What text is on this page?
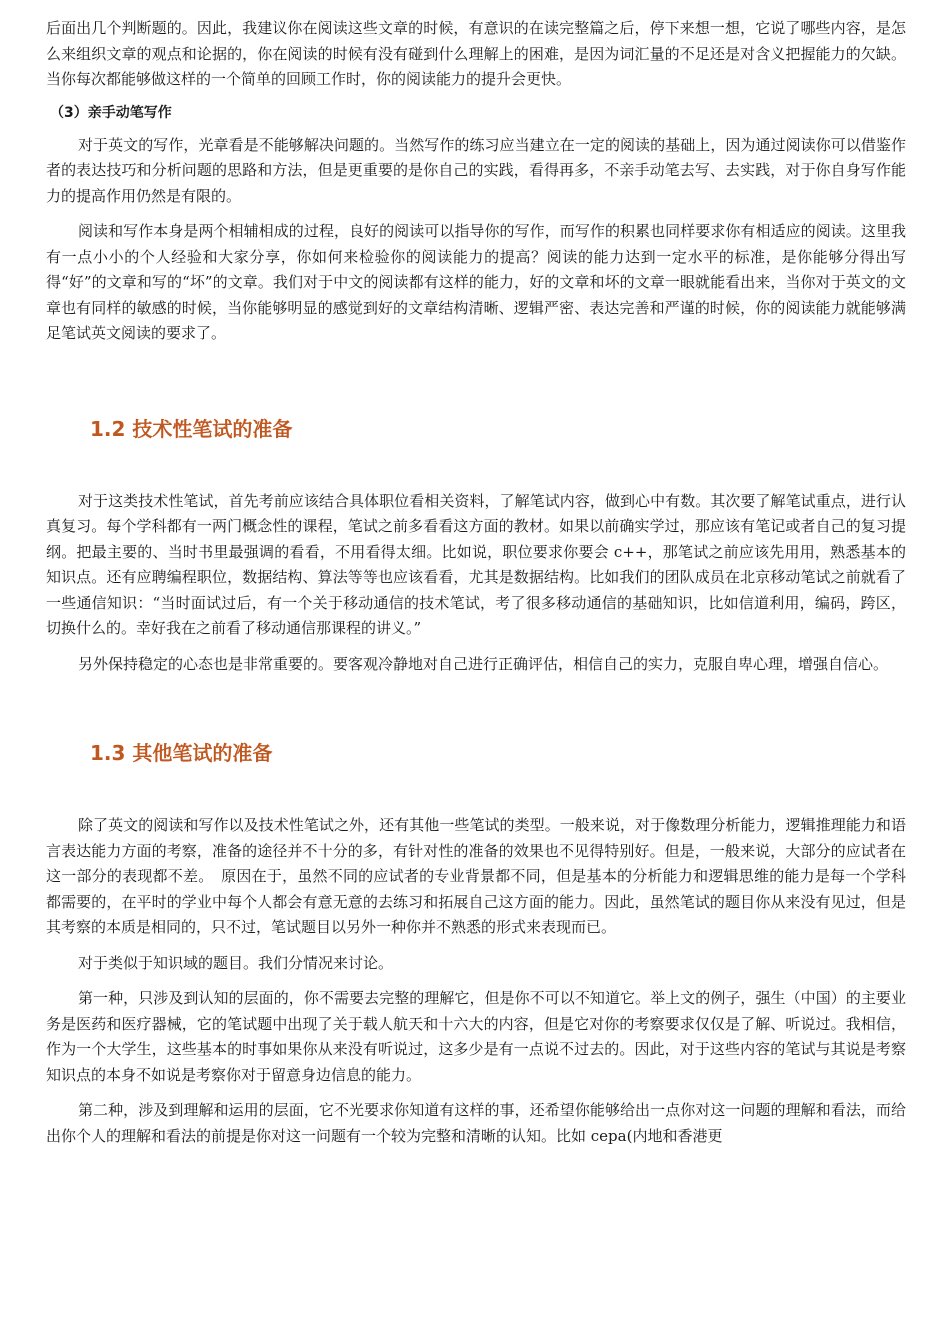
后面出几个判断题的。因此，我建议你在阅读这些文章的时候，有意识的在读完整篇之后，停下来想一想，它说了哪些内容，是怎么来组织文章的观点和论据的，你在阅读的时候有没有碰到什么理解上的困难，是因为词汇量的不足还是对含义把握能力的欠缺。当你每次都能够做这样的一个简单的回顾工作时，你的阅读能力的提升会更快。

（3）亲手动笔写作

对于英文的写作，光章看是不能够解决问题的。当然写作的练习应当建立在一定的阅读的基础上，因为通过阅读你可以借鉴作者的表达技巧和分析问题的思路和方法，但是更重要的是你自己的实践，看得再多，不亲手动笔去写、去实践，对于你自身写作能力的提高作用仍然是有限的。

阅读和写作本身是两个相辅相成的过程，良好的阅读可以指导你的写作，而写作的积累也同样要求你有相适应的阅读。这里我有一点小小的个人经验和大家分享，你如何来检验你的阅读能力的提高？阅读的能力达到一定水平的标准，是你能够分得出写得“好”的文章和写的“坏”的文章。我们对于中文的阅读都有这样的能力，好的文章和坏的文章一眼就能看出来，当你对于英文的文章也有同样的敏感的时候，当你能够明显的感觉到好的文章结构清晰、逻辑严密、表达完善和严谨的时候，你的阅读能力就能够满足笔试英文阅读的要求了。

1.2 技术性笔试的准备

对于这类技术性笔试，首先考前应该结合具体职位看相关资料，了解笔试内容，做到心中有数。其次要了解笔试重点，进行认真复习。每个学科都有一两门概念性的课程，笔试之前多看看这方面的教材。如果以前确实学过，那应该有笔记或者自己的复习提纲。把最主要的、当时书里最强调的看看，不用看得太细。比如说，职位要求你要会 c++，那笔试之前应该先用用，熟悉基本的知识点。还有应聘编程职位，数据结构、算法等等也应该看看，尤其是数据结构。比如我们的团队成员在北京移动笔试之前就看了一些通信知识：“当时面试过后，有一个关于移动通信的技术笔试，考了很多移动通信的基础知识，比如信道利用，编码，跨区，切换什么的。幸好我在之前看了移动通信那课程的讲义。”

另外保持稳定的心态也是非常重要的。要客观冷静地对自己进行正确评估，相信自己的实力，克服自卑心理，增强自信心。

1.3 其他笔试的准备

除了英文的阅读和写作以及技术性笔试之外，还有其他一些笔试的类型。一般来说，对于像数理分析能力，逻辑推理能力和语言表达能力方面的考察，准备的途径并不十分的多，有针对性的准备的效果也不见得特别好。但是，一般来说，大部分的应试者在这一部分的表现都不差。　原因在于，虽然不同的应试者的专业背景都不同，但是基本的分析能力和逻辑思维的能力是每一个学科都需要的，在平时的学业中每个人都会有意无意的去练习和拓展自己这方面的能力。因此，虽然笔试的题目你从来没有见过，但是其考察的本质是相同的，只不过，笔试题目以另外一种你并不熟悉的形式来表现而已。

对于类似于知识域的题目。我们分情况来讨论。

第一种，只涉及到认知的层面的，你不需要去完整的理解它，但是你不可以不知道它。举上文的例子，强生（中国）的主要业务是医药和医疗器械，它的笔试题中出现了关于载人航天和十六大的内容，但是它对你的考察要求仅仅是了解、听说过。我相信，作为一个大学生，这些基本的时事如果你从来没有听说过，这多少是有一点说不过去的。因此，对于这些内容的笔试与其说是考察知识点的本身不如说是考察你对于留意身边信息的能力。

第二种，涉及到理解和运用的层面，它不光要求你知道有这样的事，还希望你能够给出一点你对这一问题的理解和看法，而给出你个人的理解和看法的前提是你对这一问题有一个较为完整和清晰的认知。比如 cepa(内地和香港更
